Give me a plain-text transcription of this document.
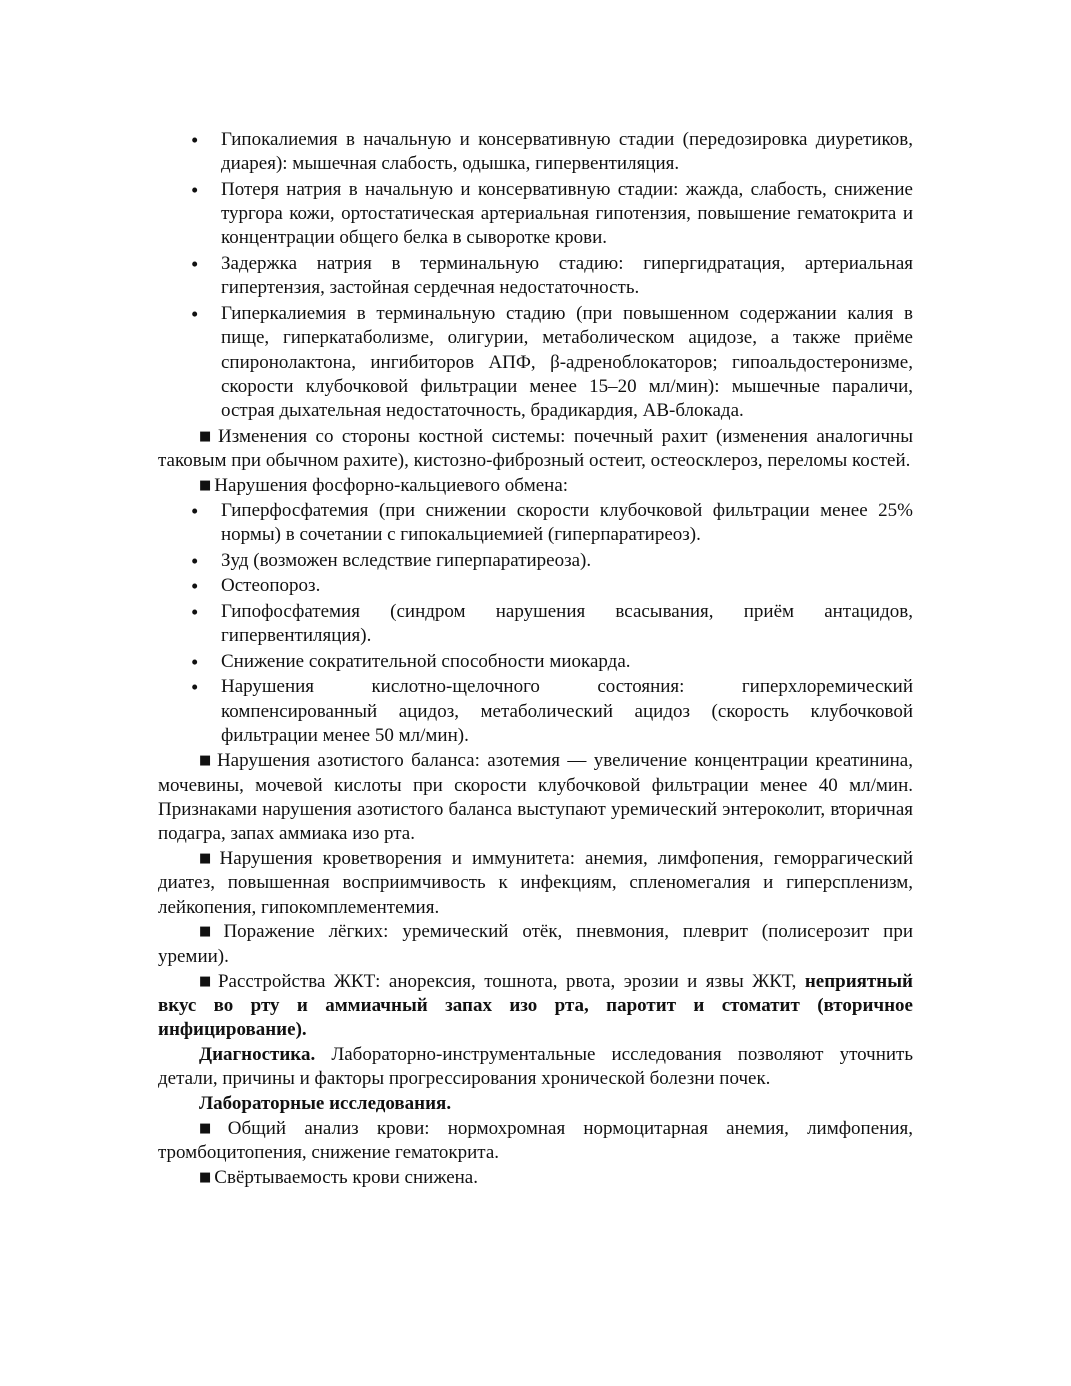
• Гипокалиемия в начальную и консервативную стадии (передозировка диуретиков, диарея): мышечная слабость, одышка, гипервентиляция.
• Потеря натрия в начальную и консервативную стадии: жажда, слабость, снижение тургора кожи, ортостатическая артериальная гипотензия, повышение гематокрита и концентрации общего белка в сыворотке крови.
• Задержка натрия в терминальную стадию: гипергидратация, артериальная гипертензия, застойная сердечная недостаточность.
• Гиперкалиемия в терминальную стадию (при повышенном содержании калия в пище, гиперкатаболизме, олигурии, метаболическом ацидозе, а также приёме спиронолактона, ингибиторов АПФ, β-адреноблокаторов; гипоальдостеронизме, скорости клубочковой фильтрации менее 15–20 мл/мин): мышечные параличи, острая дыхательная недостаточность, брадикардия, АВ-блокада.

■ Изменения со стороны костной системы: почечный рахит (изменения аналогичны таковым при обычном рахите), кистозно-фиброзный остеит, остеосклероз, переломы костей.

■ Нарушения фосфорно-кальциевого обмена:

• Гиперфосфатемия (при снижении скорости клубочковой фильтрации менее 25% нормы) в сочетании с гипокальциемией (гиперпаратиреоз).
• Зуд (возможен вследствие гиперпаратиреоза).
• Остеопороз.
• Гипофосфатемия (синдром нарушения всасывания, приём антацидов, гипервентиляция).
• Снижение сократительной способности миокарда.
• Нарушения кислотно-щелочного состояния: гиперхлоремический компенсированный ацидоз, метаболический ацидоз (скорость клубочковой фильтрации менее 50 мл/мин).

■ Нарушения азотистого баланса: азотемия — увеличение концентрации креатинина, мочевины, мочевой кислоты при скорости клубочковой фильтрации менее 40 мл/мин. Признаками нарушения азотистого баланса выступают уремический энтероколит, вторичная подагра, запах аммиака изо рта.

■ Нарушения кроветворения и иммунитета: анемия, лимфопения, геморрагический диатез, повышенная восприимчивость к инфекциям, спленомегалия и гиперспленизм, лейкопения, гипокомплементемия.

■ Поражение лёгких: уремический отёк, пневмония, плеврит (полисерозит при уремии).

■ Расстройства ЖКТ: анорексия, тошнота, рвота, эрозии и язвы ЖКТ, неприятный вкус во рту и аммиачный запах изо рта, паротит и стоматит (вторичное инфицирование).

Диагностика. Лабораторно-инструментальные исследования позволяют уточнить детали, причины и факторы прогрессирования хронической болезни почек.

Лабораторные исследования.

■ Общий анализ крови: нормохромная нормоцитарная анемия, лимфопения, тромбоцитопения, снижение гематокрита.

■ Свёртываемость крови снижена.
